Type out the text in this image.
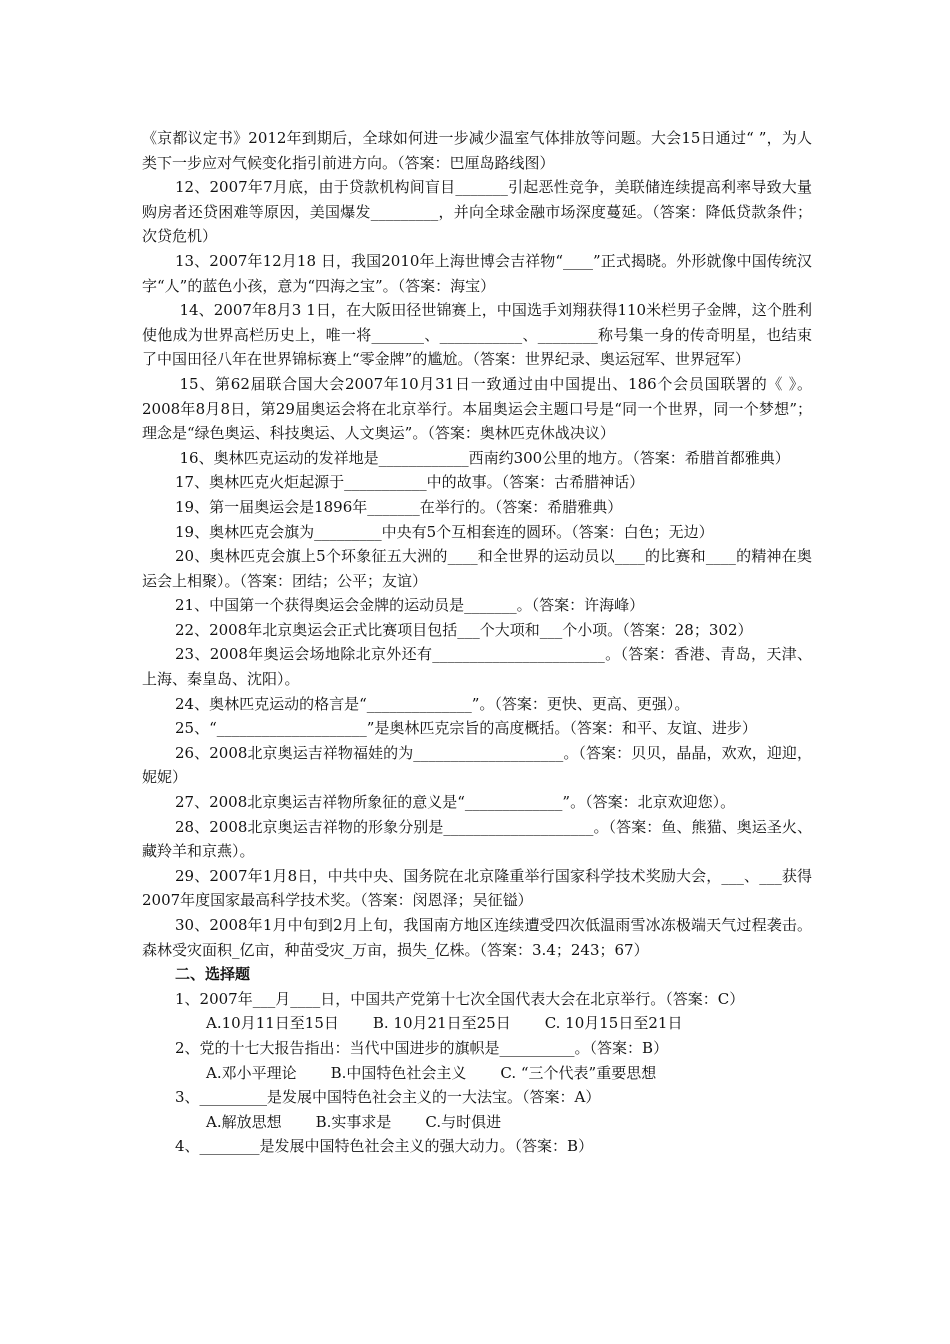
《京都议定书》2012年到期后，全球如何进一步减少温室气体排放等问题。大会15日通过“ ”，为人类下一步应对气候变化指引前进方向。（答案：巴厘岛路线图）

12、2007年7月底，由于贷款机构间盲目_______引起恶性竞争，美联储连续提高利率导致大量购房者还贷困难等原因，美国爆发_________，并向全球金融市场深度蔓延。（答案：降低贷款条件；次贷危机）

13、2007年12月18 日，我国2010年上海世博会吉祥物“____”正式揭晓。外形就像中国传统汉字“人”的蓝色小孩，意为“四海之宝”。（答案：海宝）

14、2007年8月3 1日，在大阪田径世锦赛上，中国选手刘翔获得110米栏男子金牌，这个胜利使他成为世界高栏历史上，唯一将_______、___________、________称号集一身的传奇明星，也结束了中国田径八年在世界锦标赛上“零金牌”的尴尬。（答案：世界纪录、奥运冠军、世界冠军）

15、第62届联合国大会2007年10月31日一致通过由中国提出、186个会员国联署的《 》。2008年8月8日，第29届奥运会将在北京举行。本届奥运会主题口号是“同一个世界，同一个梦想”；理念是“绿色奥运、科技奥运、人文奥运”。（答案：奥林匹克休战决议）

16、奥林匹克运动的发祥地是____________西南约300公里的地方。（答案：希腊首都雅典）

17、奥林匹克火炬起源于___________中的故事。（答案：古希腊神话）

19、第一届奥运会是1896年_______在举行的。（答案：希腊雅典）

19、奥林匹克会旗为_________中央有5个互相套连的圆环。（答案：白色；无边）

20、奥林匹克会旗上5个环象征五大洲的____和全世界的运动员以____的比赛和____的精神在奥运会上相聚）。（答案：团结；公平；友谊）

21、中国第一个获得奥运会金牌的运动员是_______。（答案：许海峰）

22、2008年北京奥运会正式比赛项目包括___个大项和___个小项。（答案：28；302）

23、2008年奥运会场地除北京外还有_______________________。（答案：香港、青岛，天津、上海、秦皇岛、沈阳）。

24、奥林匹克运动的格言是“______________”。（答案：更快、更高、更强）。

25、“____________________”是奥林匹克宗旨的高度概括。（答案：和平、友谊、进步）

26、2008北京奥运吉祥物福娃的为____________________。（答案：贝贝，晶晶，欢欢，迎迎，妮妮）

27、2008北京奥运吉祥物所象征的意义是“_____________”。（答案：北京欢迎您）。

28、2008北京奥运吉祥物的形象分别是____________________。（答案：鱼、熊猫、奥运圣火、藏羚羊和京燕）。

29、2007年1月8日，中共中央、国务院在北京隆重举行国家科学技术奖励大会，___、___获得2007年度国家最高科学技术奖。（答案：闵恩泽；吴征镒）

30、2008年1月中旬到2月上旬，我国南方地区连续遭受四次低温雨雪冰冻极端天气过程袭击。森林受灾面积_亿亩，种苗受灾_万亩，损失_亿株。（答案：3.4；243；67）

二、选择题

1、2007年___月____日，中国共产党第十七次全国代表大会在北京举行。（答案：C）

A.10月11日至15日 B. 10月21日至25日 C. 10月15日至21日

2、党的十七大报告指出：当代中国进步的旗帜是__________。（答案：B）

A.邓小平理论 B.中国特色社会主义 C. “三个代表”重要思想

3、_________是发展中国特色社会主义的一大法宝。（答案：A）

A.解放思想 B.实事求是 C.与时俱进

4、________是发展中国特色社会主义的强大动力。（答案：B）
